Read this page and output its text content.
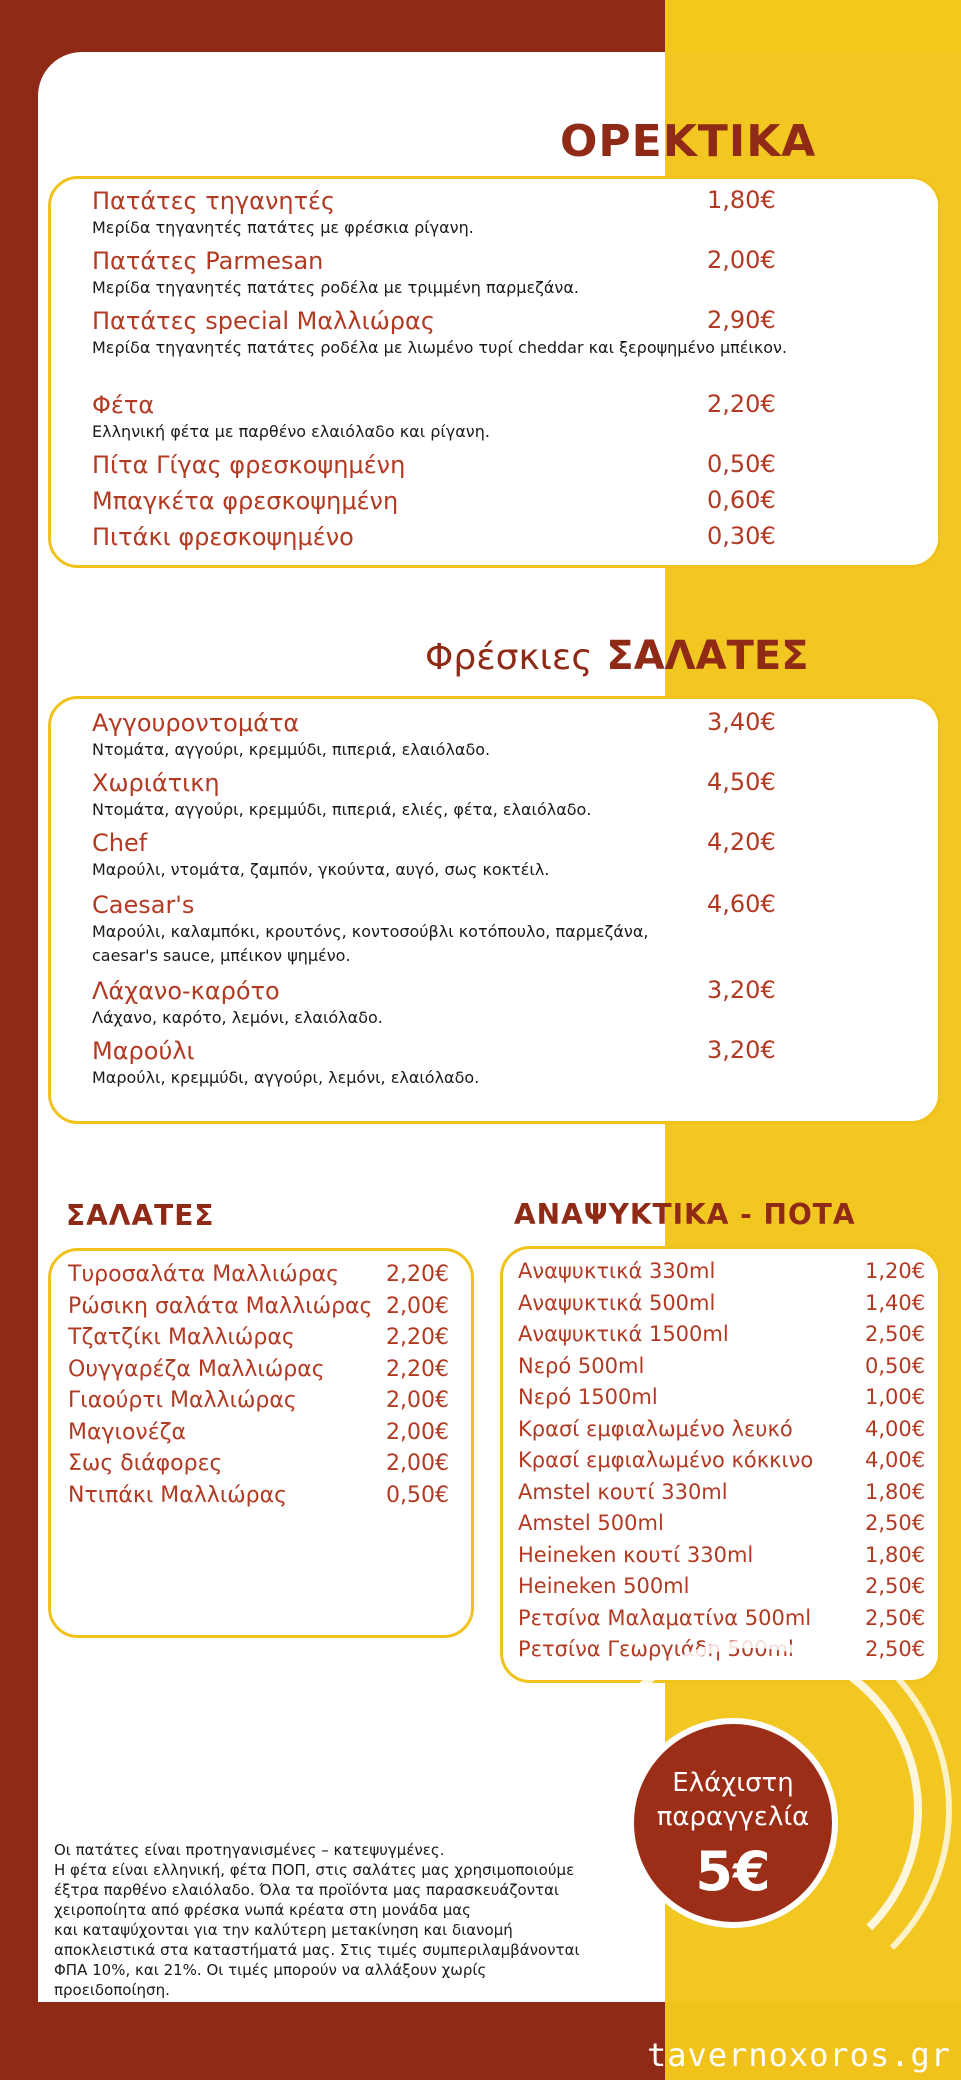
ΟΡΕΚΤΙΚΑ
Πατάτες τηγανητές
Μερίδα τηγανητές πατάτες με φρέσκια ρίγανη.
1,80€
Πατάτες Parmesan
Μερίδα τηγανητές πατάτες ροδέλα με τριμμένη παρμεζάνα.
2,00€
Πατάτες special Μαλλιώρας
Μερίδα τηγανητές πατάτες ροδέλα με λιωμένο τυρί cheddar και ξεροψημένο μπέικον.
2,90€
Φέτα
Ελληνική φέτα με παρθένο ελαιόλαδο και ρίγανη.
2,20€
Πίτα Γίγας φρεσκοψημένη	0,50€
Μπαγκέτα φρεσκοψημένη	0,60€
Πιτάκι φρεσκοψημένο	0,30€
Φρέσκιες ΣΑΛΑΤΕΣ
Αγγουροντομάτα
Ντομάτα, αγγούρι, κρεμμύδι, πιπεριά, ελαιόλαδο.
3,40€
Χωριάτικη
Ντομάτα, αγγούρι, κρεμμύδι, πιπεριά, ελιές, φέτα, ελαιόλαδο.
4,50€
Chef
Μαρούλι, ντομάτα, ζαμπόν, γκούντα, αυγό, σως κοκτέιλ.
4,20€
Caesar's
Μαρούλι, καλαμπόκι, κρουτόνς, κοντοσούβλι κοτόπουλο, παρμεζάνα, caesar's sauce, μπέικον ψημένο.
4,60€
Λάχανο-καρότο
Λάχανο, καρότο, λεμόνι, ελαιόλαδο.
3,20€
Μαρούλι
Μαρούλι, κρεμμύδι, αγγούρι, λεμόνι, ελαιόλαδο.
3,20€
ΣΑΛΑΤΕΣ
Τυροσαλάτα Μαλλιώρας 2,20€
Ρώσικη σαλάτα Μαλλιώρας 2,00€
Τζατζίκι Μαλλιώρας	2,20€
Ουγγαρέζα Μαλλιώρας	2,20€
Γιαούρτι Μαλλιώρας	2,00€
Μαγιονέζα	2,00€
Σως διάφορες	2,00€
Ντιπάκι Μαλλιώρας	0,50€
ΑΝΑΨΥΚΤΙΚΑ - ΠΟΤΑ
Αναψυκτικά 330ml	1,20€
Αναψυκτικά 500ml	1,40€
Αναψυκτικά 1500ml	2,50€
Νερό 500ml	0,50€
Νερό 1500ml	1,00€
Κρασί εμφιαλωμένο λευκό	4,00€
Κρασί εμφιαλωμένο κόκκινο 4,00€
Amstel κουτί 330ml	1,80€
Amstel 500ml	2,50€
Heineken κουτί 330ml	1,80€
Heineken 500ml	2,50€
Ρετσίνα Μαλαματίνα 500ml	2,50€
Ρετσίνα Γεωργιάδη 500ml	2,50€
Ελάχιστη
παραγγελία
5€
Οι πατάτες είναι προτηγανισμένες – κατεψυγμένες.
Η φέτα είναι ελληνική, φέτα ΠΟΠ, στις σαλάτες μας χρησιμοποιούμε
έξτρα παρθένο ελαιόλαδο. Όλα τα προϊόντα μας παρασκευάζονται
χειροποίητα από φρέσκα νωπά κρέατα στη μονάδα μας
και καταψύχονται για την καλύτερη μετακίνηση και διανομή
αποκλειστικά στα καταστήματά μας. Στις τιμές συμπεριλαμβάνονται
ΦΠΑ 10%, και 21%. Οι τιμές μπορούν να αλλάξουν χωρίς
προειδοποίηση.
tavernoxoros.gr
